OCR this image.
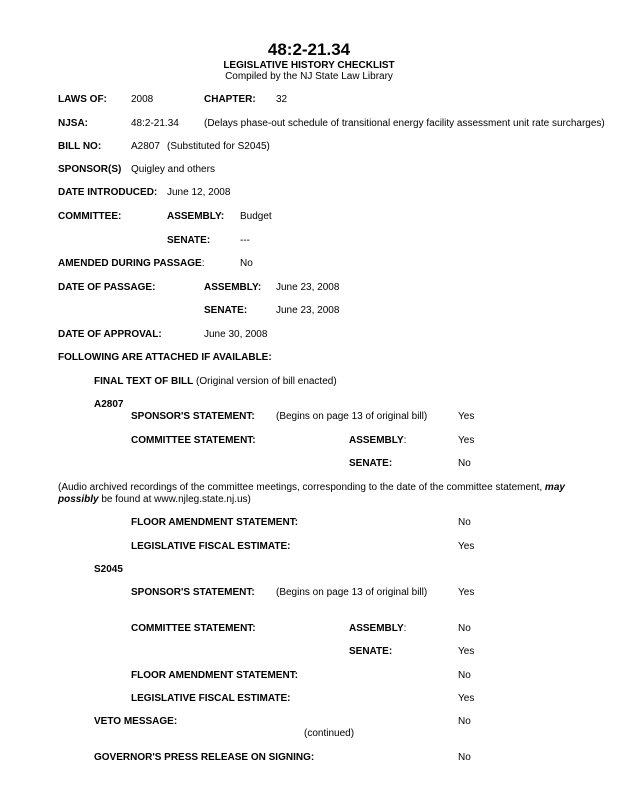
48:2-21.34
LEGISLATIVE HISTORY CHECKLIST
Compiled by the NJ State Law Library
LAWS OF: 2008	CHAPTER: 32
NJSA:	48:2-21.34	(Delays phase-out schedule of transitional energy facility assessment unit rate surcharges)
BILL NO:	A2807 (Substituted for S2045)
SPONSOR(S) Quigley and others
DATE INTRODUCED: June 12, 2008
COMMITTEE:	ASSEMBLY: Budget
SENATE:	---
AMENDED DURING PASSAGE:	No
DATE OF PASSAGE:	ASSEMBLY: June 23, 2008
SENATE:	June 23, 2008
DATE OF APPROVAL:	June 30, 2008
FOLLOWING ARE ATTACHED IF AVAILABLE:
FINAL TEXT OF BILL (Original version of bill enacted)
A2807
SPONSOR'S STATEMENT: (Begins on page 13 of original bill)	Yes
COMMITTEE STATEMENT:	ASSEMBLY:	Yes
SENATE:	No
(Audio archived recordings of the committee meetings, corresponding to the date of the committee statement, may possibly be found at www.njleg.state.nj.us)
FLOOR AMENDMENT STATEMENT:	No
LEGISLATIVE FISCAL ESTIMATE:	Yes
S2045
SPONSOR'S STATEMENT: (Begins on page 13 of original bill)	Yes
COMMITTEE STATEMENT:	ASSEMBLY:	No
SENATE:	Yes
FLOOR AMENDMENT STATEMENT:	No
LEGISLATIVE FISCAL ESTIMATE:	Yes
VETO MESSAGE:	No
(continued)
GOVERNOR'S PRESS RELEASE ON SIGNING:	No
